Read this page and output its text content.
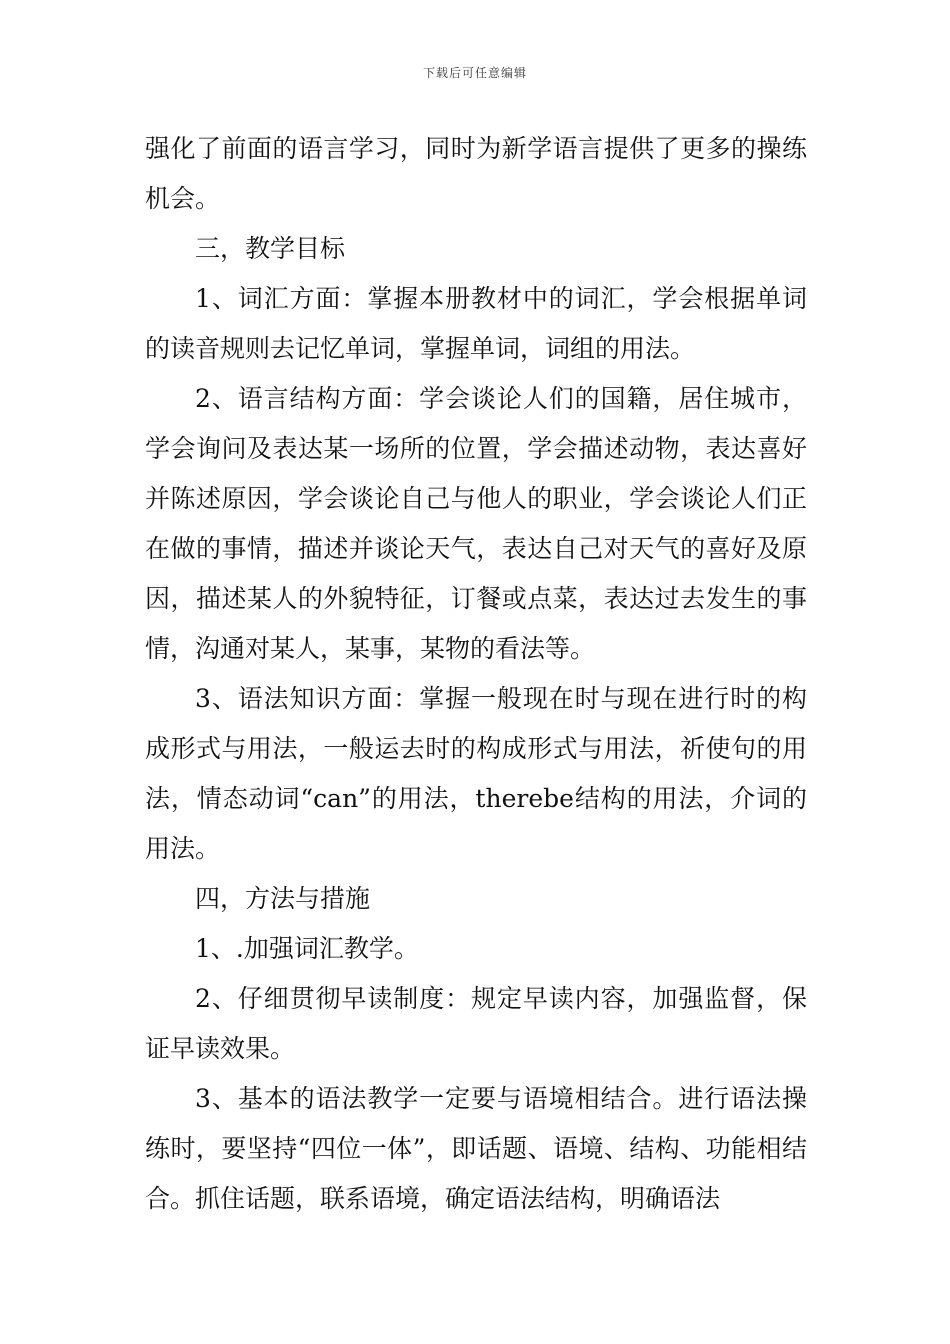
下载后可任意编辑

强化了前面的语言学习，同时为新学语言提供了更多的操练机会。

三，教学目标

1、词汇方面：掌握本册教材中的词汇，学会根据单词的读音规则去记忆单词，掌握单词，词组的用法。

2、语言结构方面：学会谈论人们的国籍，居住城市，学会询问及表达某一场所的位置，学会描述动物，表达喜好并陈述原因，学会谈论自己与他人的职业，学会谈论人们正在做的事情，描述并谈论天气，表达自己对天气的喜好及原因，描述某人的外貌特征，订餐或点菜，表达过去发生的事情，沟通对某人，某事，某物的看法等。

3、语法知识方面：掌握一般现在时与现在进行时的构成形式与用法，一般运去时的构成形式与用法，祈使句的用法，情态动词“can”的用法，therebe结构的用法，介词的用法。

四，方法与措施

1、.加强词汇教学。

2、仔细贯彻早读制度：规定早读内容，加强监督，保证早读效果。

3、基本的语法教学一定要与语境相结合。进行语法操练时，要坚持“四位一体”，即话题、语境、结构、功能相结合。抓住话题，联系语境，确定语法结构，明确语法
